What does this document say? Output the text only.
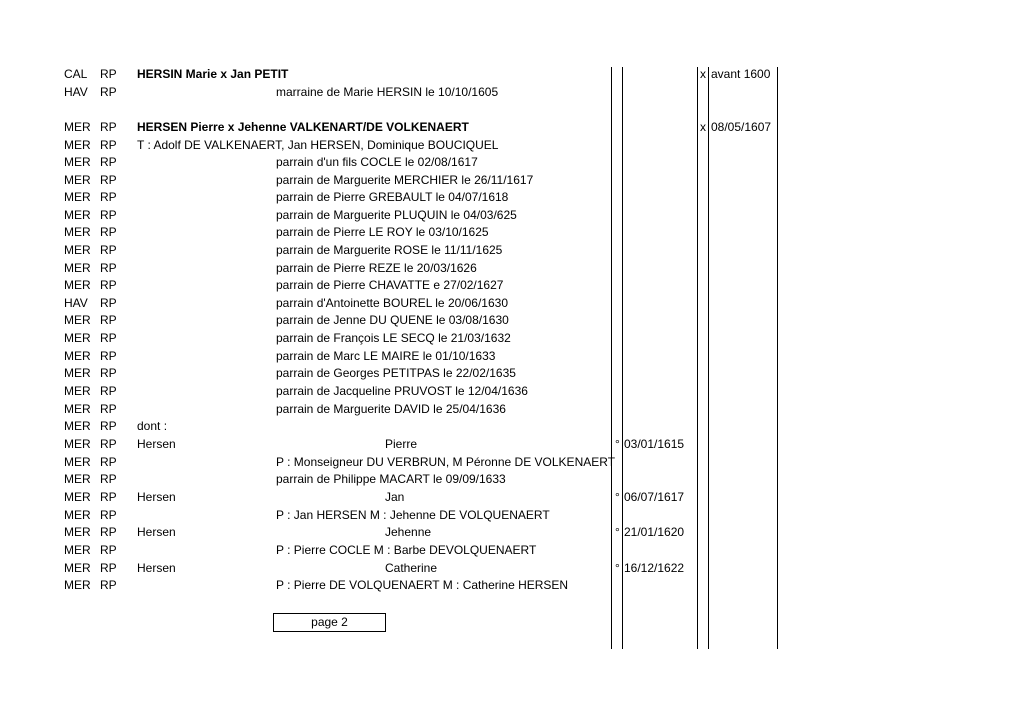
CAL RP HERSIN Marie x Jan PETIT	x avant 1600
HAV RP	marraine de Marie HERSIN le 10/10/1605
MER RP HERSEN Pierre x Jehenne VALKENART/DE VOLKENAERT	x 08/05/1607
MER RP T : Adolf DE VALKENAERT, Jan HERSEN, Dominique BOUCIQUEL
MER RP	parrain d'un fils COCLE le 02/08/1617
MER RP	parrain de Marguerite MERCHIER le 26/11/1617
MER RP	parrain de Pierre GREBAULT le 04/07/1618
MER RP	parrain de Marguerite PLUQUIN le 04/03/625
MER RP	parrain de Pierre LE ROY le 03/10/1625
MER RP	parrain de Marguerite ROSE le 11/11/1625
MER RP	parrain de Pierre REZE le 20/03/1626
MER RP	parrain de Pierre CHAVATTE e 27/02/1627
HAV RP	parrain d'Antoinette BOUREL le 20/06/1630
MER RP	parrain de Jenne DU QUENE le 03/08/1630
MER RP	parrain de François LE SECQ le 21/03/1632
MER RP	parrain de Marc LE MAIRE le 01/10/1633
MER RP	parrain de Georges PETITPAS le 22/02/1635
MER RP	parrain de Jacqueline PRUVOST le 12/04/1636
MER RP	parrain de Marguerite DAVID le 25/04/1636
MER RP dont :
MER RP Hersen	Pierre	° 03/01/1615
MER RP	P : Monseigneur DU VERBRUN, M Péronne DE VOLKENAERT
MER RP	parrain de Philippe MACART le 09/09/1633
MER RP Hersen	Jan	° 06/07/1617
MER RP	P : Jan HERSEN M : Jehenne DE VOLQUENAERT
MER RP Hersen	Jehenne	° 21/01/1620
MER RP	P : Pierre COCLE M : Barbe DEVOLQUENAERT
MER RP Hersen	Catherine	° 16/12/1622
MER RP	P : Pierre DE VOLQUENAERT M : Catherine HERSEN
page 2
